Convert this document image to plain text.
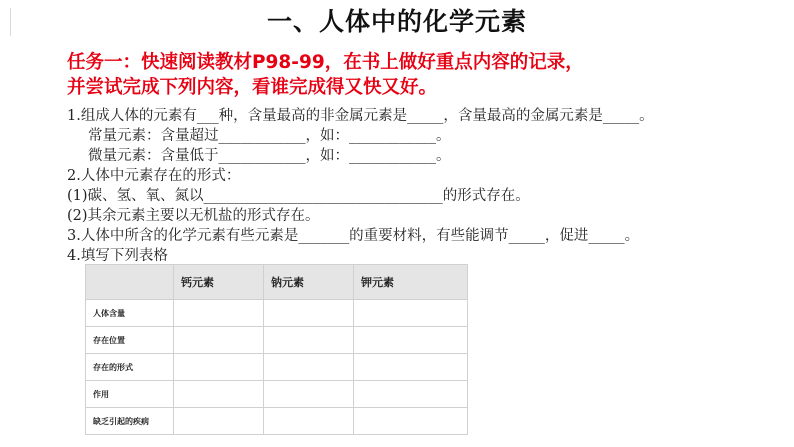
一、人体中的化学元素
任务一：快速阅读教材P98-99，在书上做好重点内容的记录，
并尝试完成下列内容，看谁完成得又快又好。
1.组成人体的元素有___种，含量最高的非金属元素是_____，含量最高的金属元素是_____。
常量元素：含量超过____________，如：____________。
微量元素：含量低于____________，如：____________。
2.人体中元素存在的形式：
(1)碳、氢、氧、氮以_________________________________的形式存在。
(2)其余元素主要以无机盐的形式存在。
3.人体中所含的化学元素有些元素是_______的重要材料，有些能调节_____，促进_____。
4.填写下列表格
	钙元素	钠元素	钾元素
人体含量			
存在位置			
存在的形式			
作用			
缺乏引起的疾病			
